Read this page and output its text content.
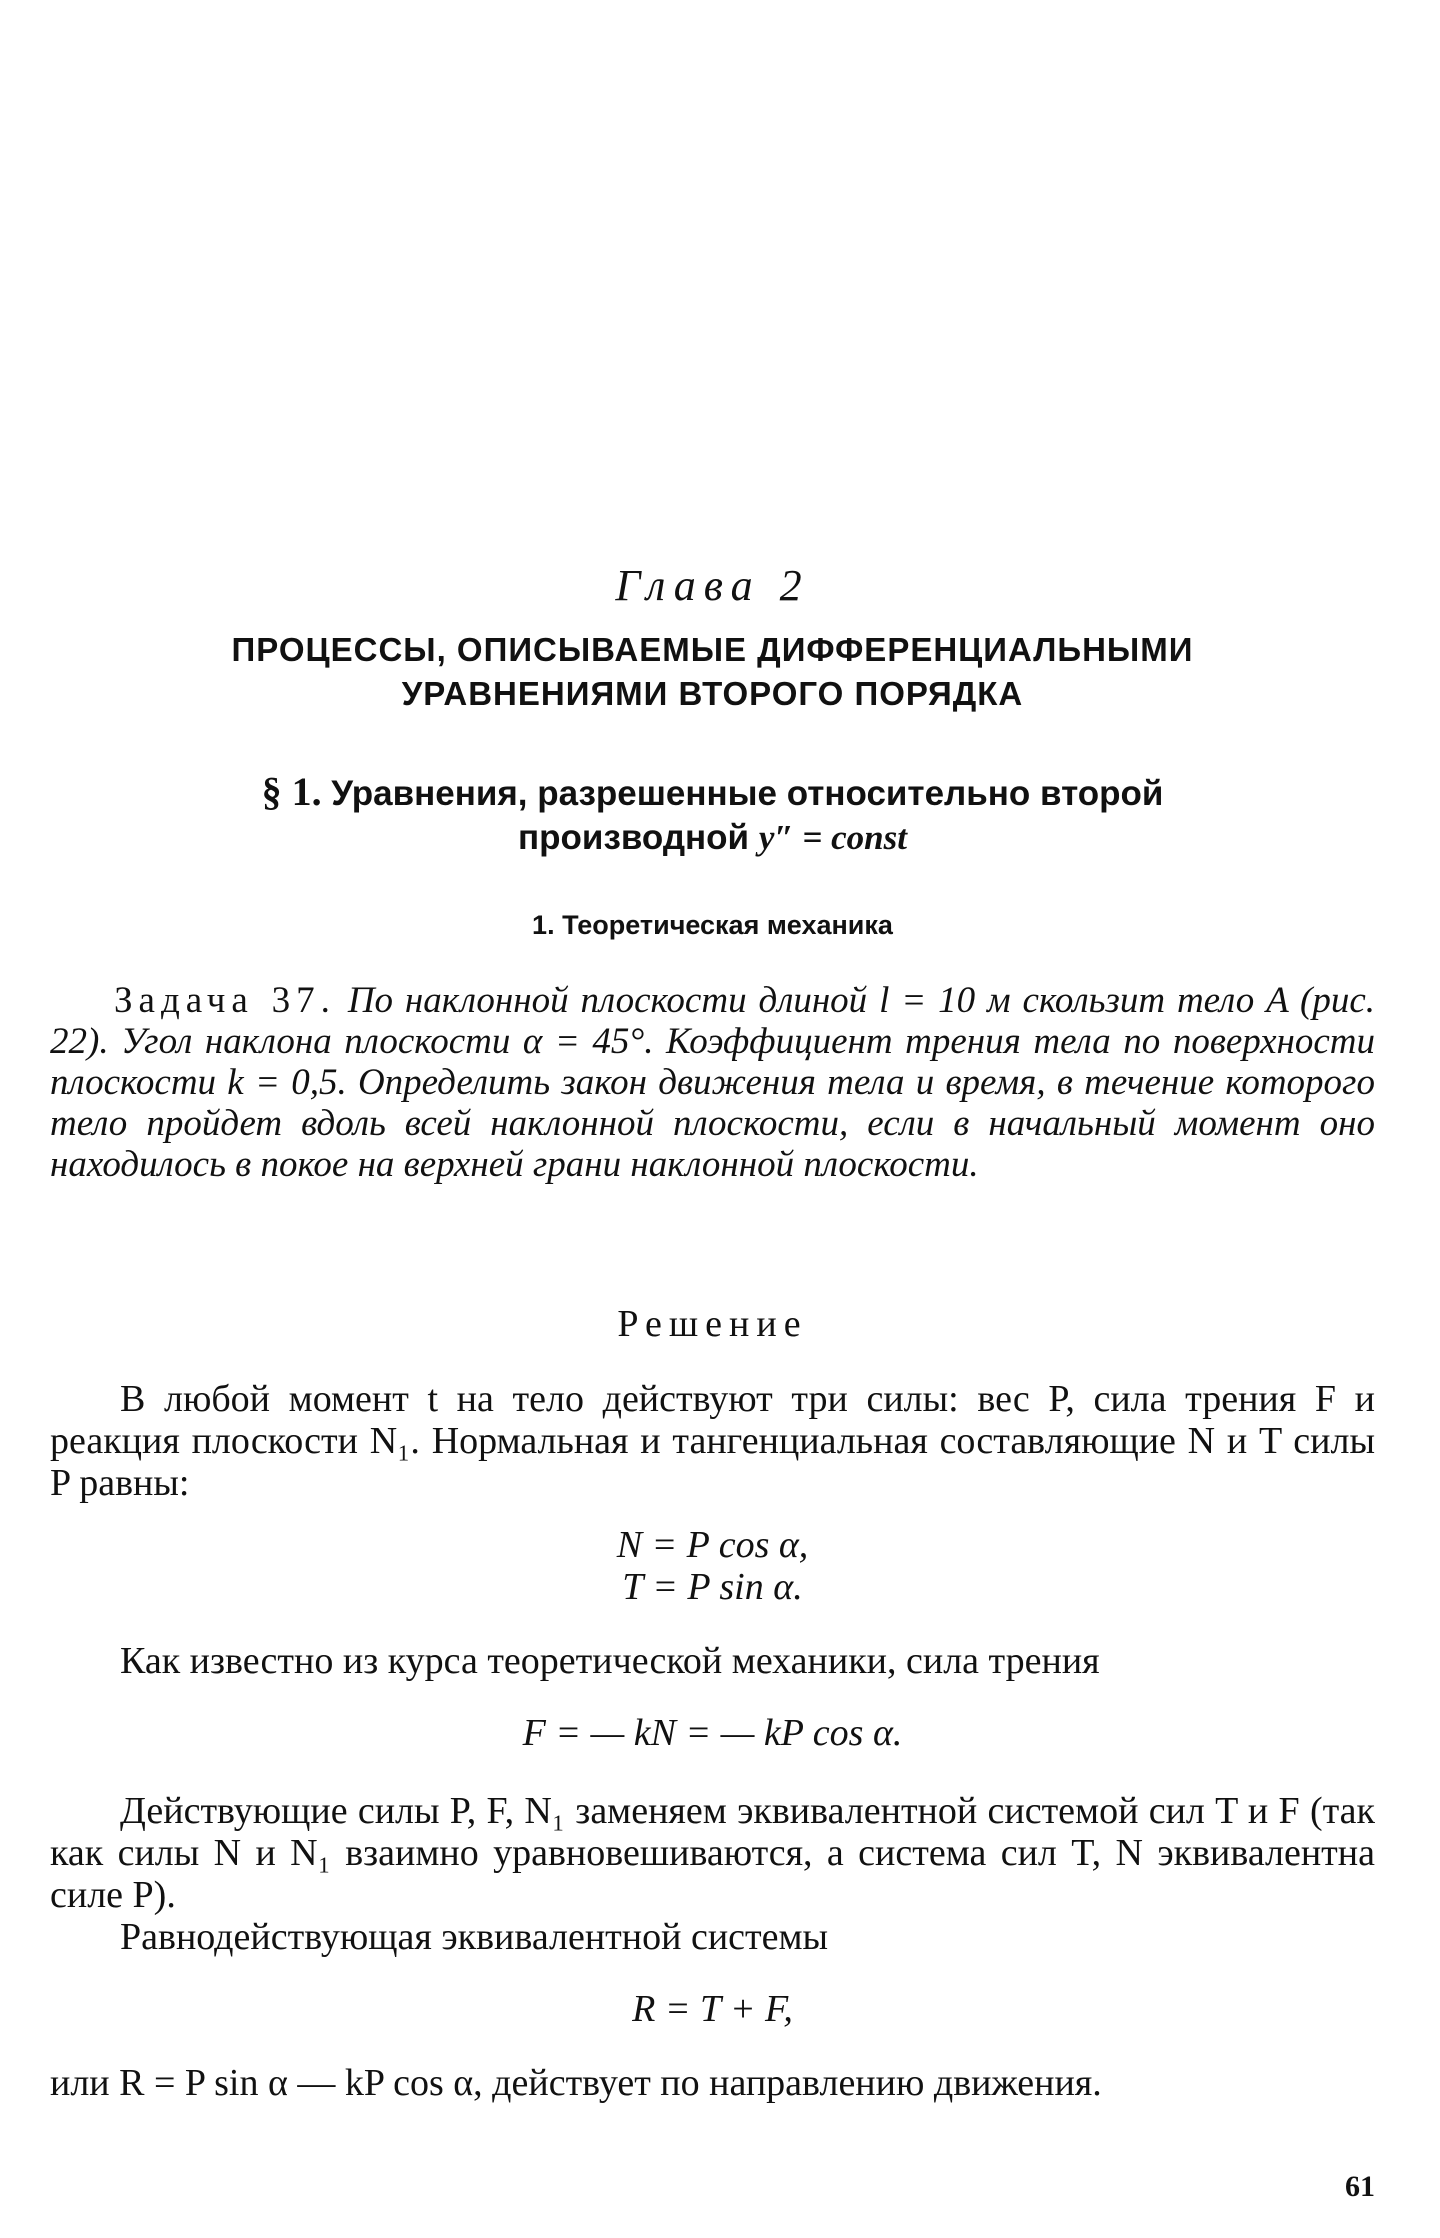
Глава 2
ПРОЦЕССЫ, ОПИСЫВАЕМЫЕ ДИФФЕРЕНЦИАЛЬНЫМИ
УРАВНЕНИЯМИ ВТОРОГО ПОРЯДКА
§ 1. Уравнения, разрешенные относительно второй
производной y″ = const
1. Теоретическая механика
Задача 37. По наклонной плоскости длиной l = 10 м скользит тело A (рис. 22). Угол наклона плоскости α = 45°. Коэффициент трения тела по поверхности плоскости k = 0,5. Определить закон движения тела и время, в течение которого тело пройдет вдоль всей наклонной плоскости, если в начальный момент оно находилось в покое на верхней грани наклонной плоскости.
Решение
В любой момент t на тело действуют три силы: вес P, сила трения F и реакция плоскости N₁. Нормальная и тангенциальная составляющие N и T силы P равны:
N = P cos α,
T = P sin α.
Как известно из курса теоретической механики, сила трения
F = — kN = — kP cos α.
Действующие силы P, F, N₁ заменяем эквивалентной системой сил T и F (так как силы N и N₁ взаимно уравновешиваются, а система сил T, N эквивалентна силе P).
Равнодействующая эквивалентной системы
R = T + F,
или R = P sin α — kP cos α, действует по направлению движения.
61
